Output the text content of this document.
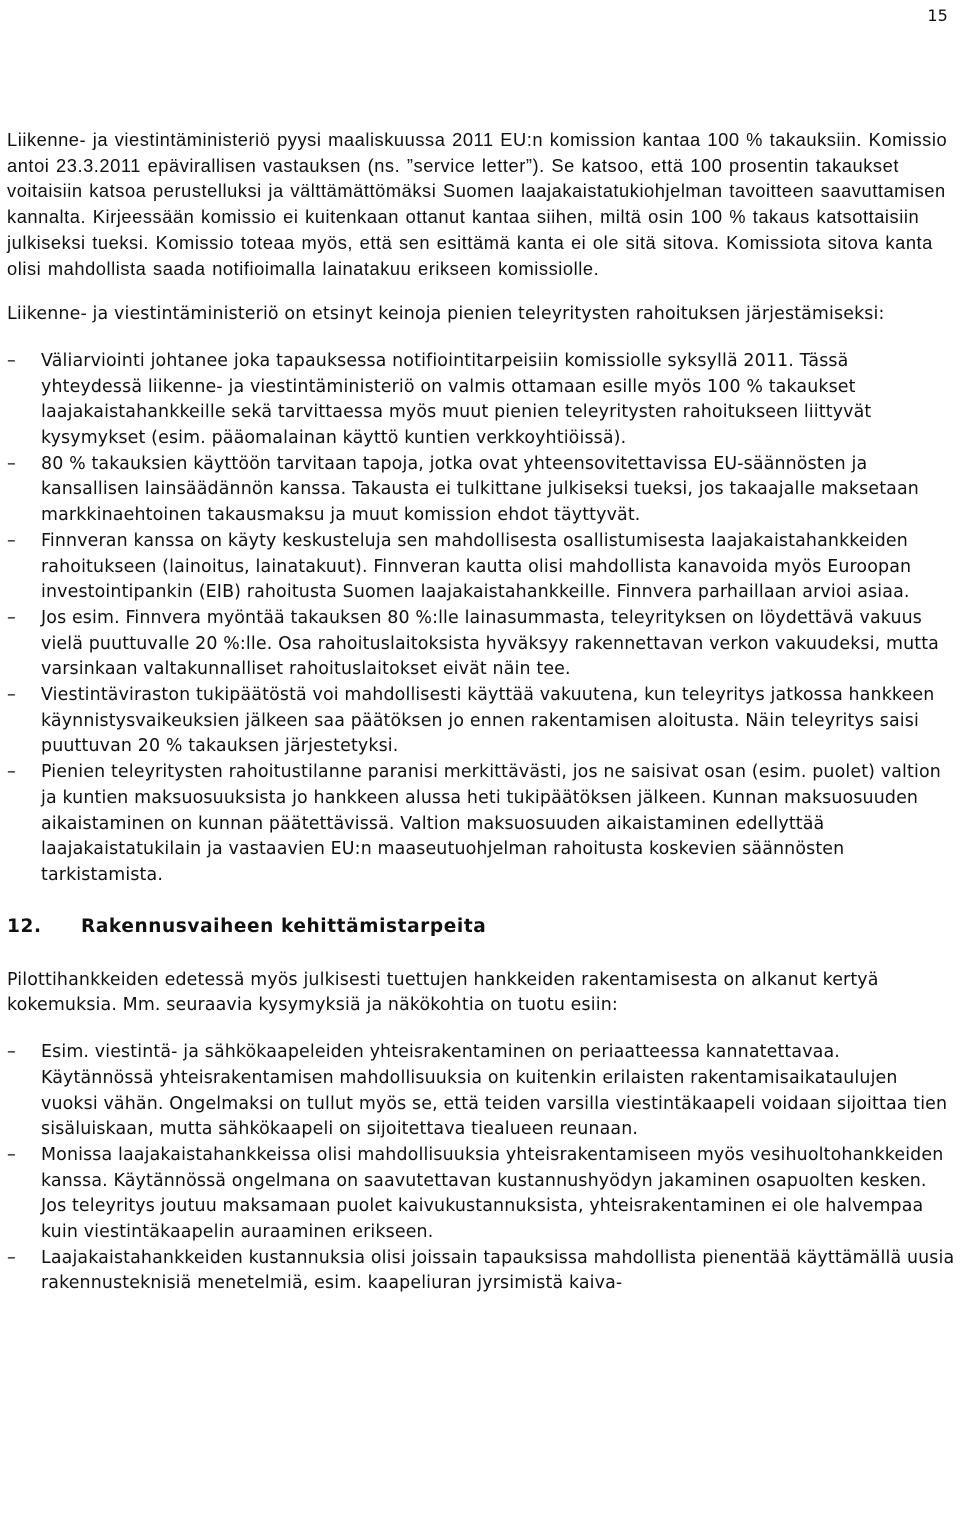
15

Liikenne- ja viestintäministeriö pyysi maaliskuussa 2011 EU:n komission kantaa 100 % takauksiin. Komissio antoi 23.3.2011 epävirallisen vastauksen (ns. ”service letter”). Se katsoo, että 100 prosentin takaukset voitaisiin katsoa perustelluksi ja välttämättömäksi Suomen laajakaistatukiohjelman tavoitteen saavuttamisen kannalta. Kirjeessään komissio ei kuitenkaan ottanut kantaa siihen, miltä osin 100 % takaus katsottaisiin julkiseksi tueksi. Komissio toteaa myös, että sen esittämä kanta ei ole sitä sitova. Komissiota sitova kanta olisi mahdollista saada notifioimalla lainatakuu erikseen komissiolle.

Liikenne- ja viestintäministeriö on etsinyt keinoja pienien teleyritysten rahoituksen järjestämiseksi:

– Väliarviointi johtanee joka tapauksessa notifiointitarpeisiin komissiolle syksyllä 2011. Tässä yhteydessä liikenne- ja viestintäministeriö on valmis ottamaan esille myös 100 % takaukset laajakaistahankkeille sekä tarvittaessa myös muut pienien teleyritysten rahoitukseen liittyvät kysymykset (esim. pääomalainan käyttö kuntien verkkoyhtiöissä).
– 80 % takauksien käyttöön tarvitaan tapoja, jotka ovat yhteensovitettavissa EU-säännösten ja kansallisen lainsäädännön kanssa. Takausta ei tulkittane julkiseksi tueksi, jos takaajalle maksetaan markkinaehtoinen takausmaksu ja muut komission ehdot täyttyvät.
– Finnveran kanssa on käyty keskusteluja sen mahdollisesta osallistumisesta laajakaistahankkeiden rahoitukseen (lainoitus, lainatakuut). Finnveran kautta olisi mahdollista kanavoida myös Euroopan investointipankin (EIB) rahoitusta Suomen laajakaistahankkeille. Finnvera parhaillaan arvioi asiaa.
– Jos esim. Finnvera myöntää takauksen 80 %:lle lainasummasta, teleyrityksen on löydettävä vakuus vielä puuttuvalle 20 %:lle. Osa rahoituslaitoksista hyväksyy rakennettavan verkon vakuudeksi, mutta varsinkaan valtakunnalliset rahoituslaitokset eivät näin tee.
– Viestintäviraston tukipäätöstä voi mahdollisesti käyttää vakuutena, kun teleyritys jatkossa hankkeen käynnistysvaikeuksien jälkeen saa päätöksen jo ennen rakentamisen aloitusta. Näin teleyritys saisi puuttuvan 20 % takauksen järjestetyksi.
– Pienien teleyritysten rahoitustilanne paranisi merkittävästi, jos ne saisivat osan (esim. puolet) valtion ja kuntien maksuosuuksista jo hankkeen alussa heti tukipäätöksen jälkeen. Kunnan maksuosuuden aikaistaminen on kunnan päätettävissä. Valtion maksuosuuden aikaistaminen edellyttää laajakaistatukilain ja vastaavien EU:n maaseutuohjelman rahoitusta koskevien säännösten tarkistamista.
12. Rakennusvaiheen kehittämistarpeita

Pilottihankkeiden edetessä myös julkisesti tuettujen hankkeiden rakentamisesta on alkanut kertyä kokemuksia. Mm. seuraavia kysymyksiä ja näkökohtia on tuotu esiin:

– Esim. viestintä- ja sähkökaapeleiden yhteisrakentaminen on periaatteessa kannatettavaa. Käytännössä yhteisrakentamisen mahdollisuuksia on kuitenkin erilaisten rakentamisaikataulujen vuoksi vähän. Ongelmaksi on tullut myös se, että teiden varsilla viestintäkaapeli voidaan sijoittaa tien sisäluiskaan, mutta sähkökaapeli on sijoitettava tiealueen reunaan.
– Monissa laajakaistahankkeissa olisi mahdollisuuksia yhteisrakentamiseen myös vesihuoltohankkeiden kanssa. Käytännössä ongelmana on saavutettavan kustannushyödyn jakaminen osapuolten kesken. Jos teleyritys joutuu maksamaan puolet kaivukustannuksista, yhteisrakentaminen ei ole halvempaa kuin viestintäkaapelin auraaminen erikseen.
– Laajakaistahankkeiden kustannuksia olisi joissain tapauksissa mahdollista pienentää käyttämällä uusia rakennusteknisiä menetelmiä, esim. kaapeliuran jyrsimistä kaiva-
